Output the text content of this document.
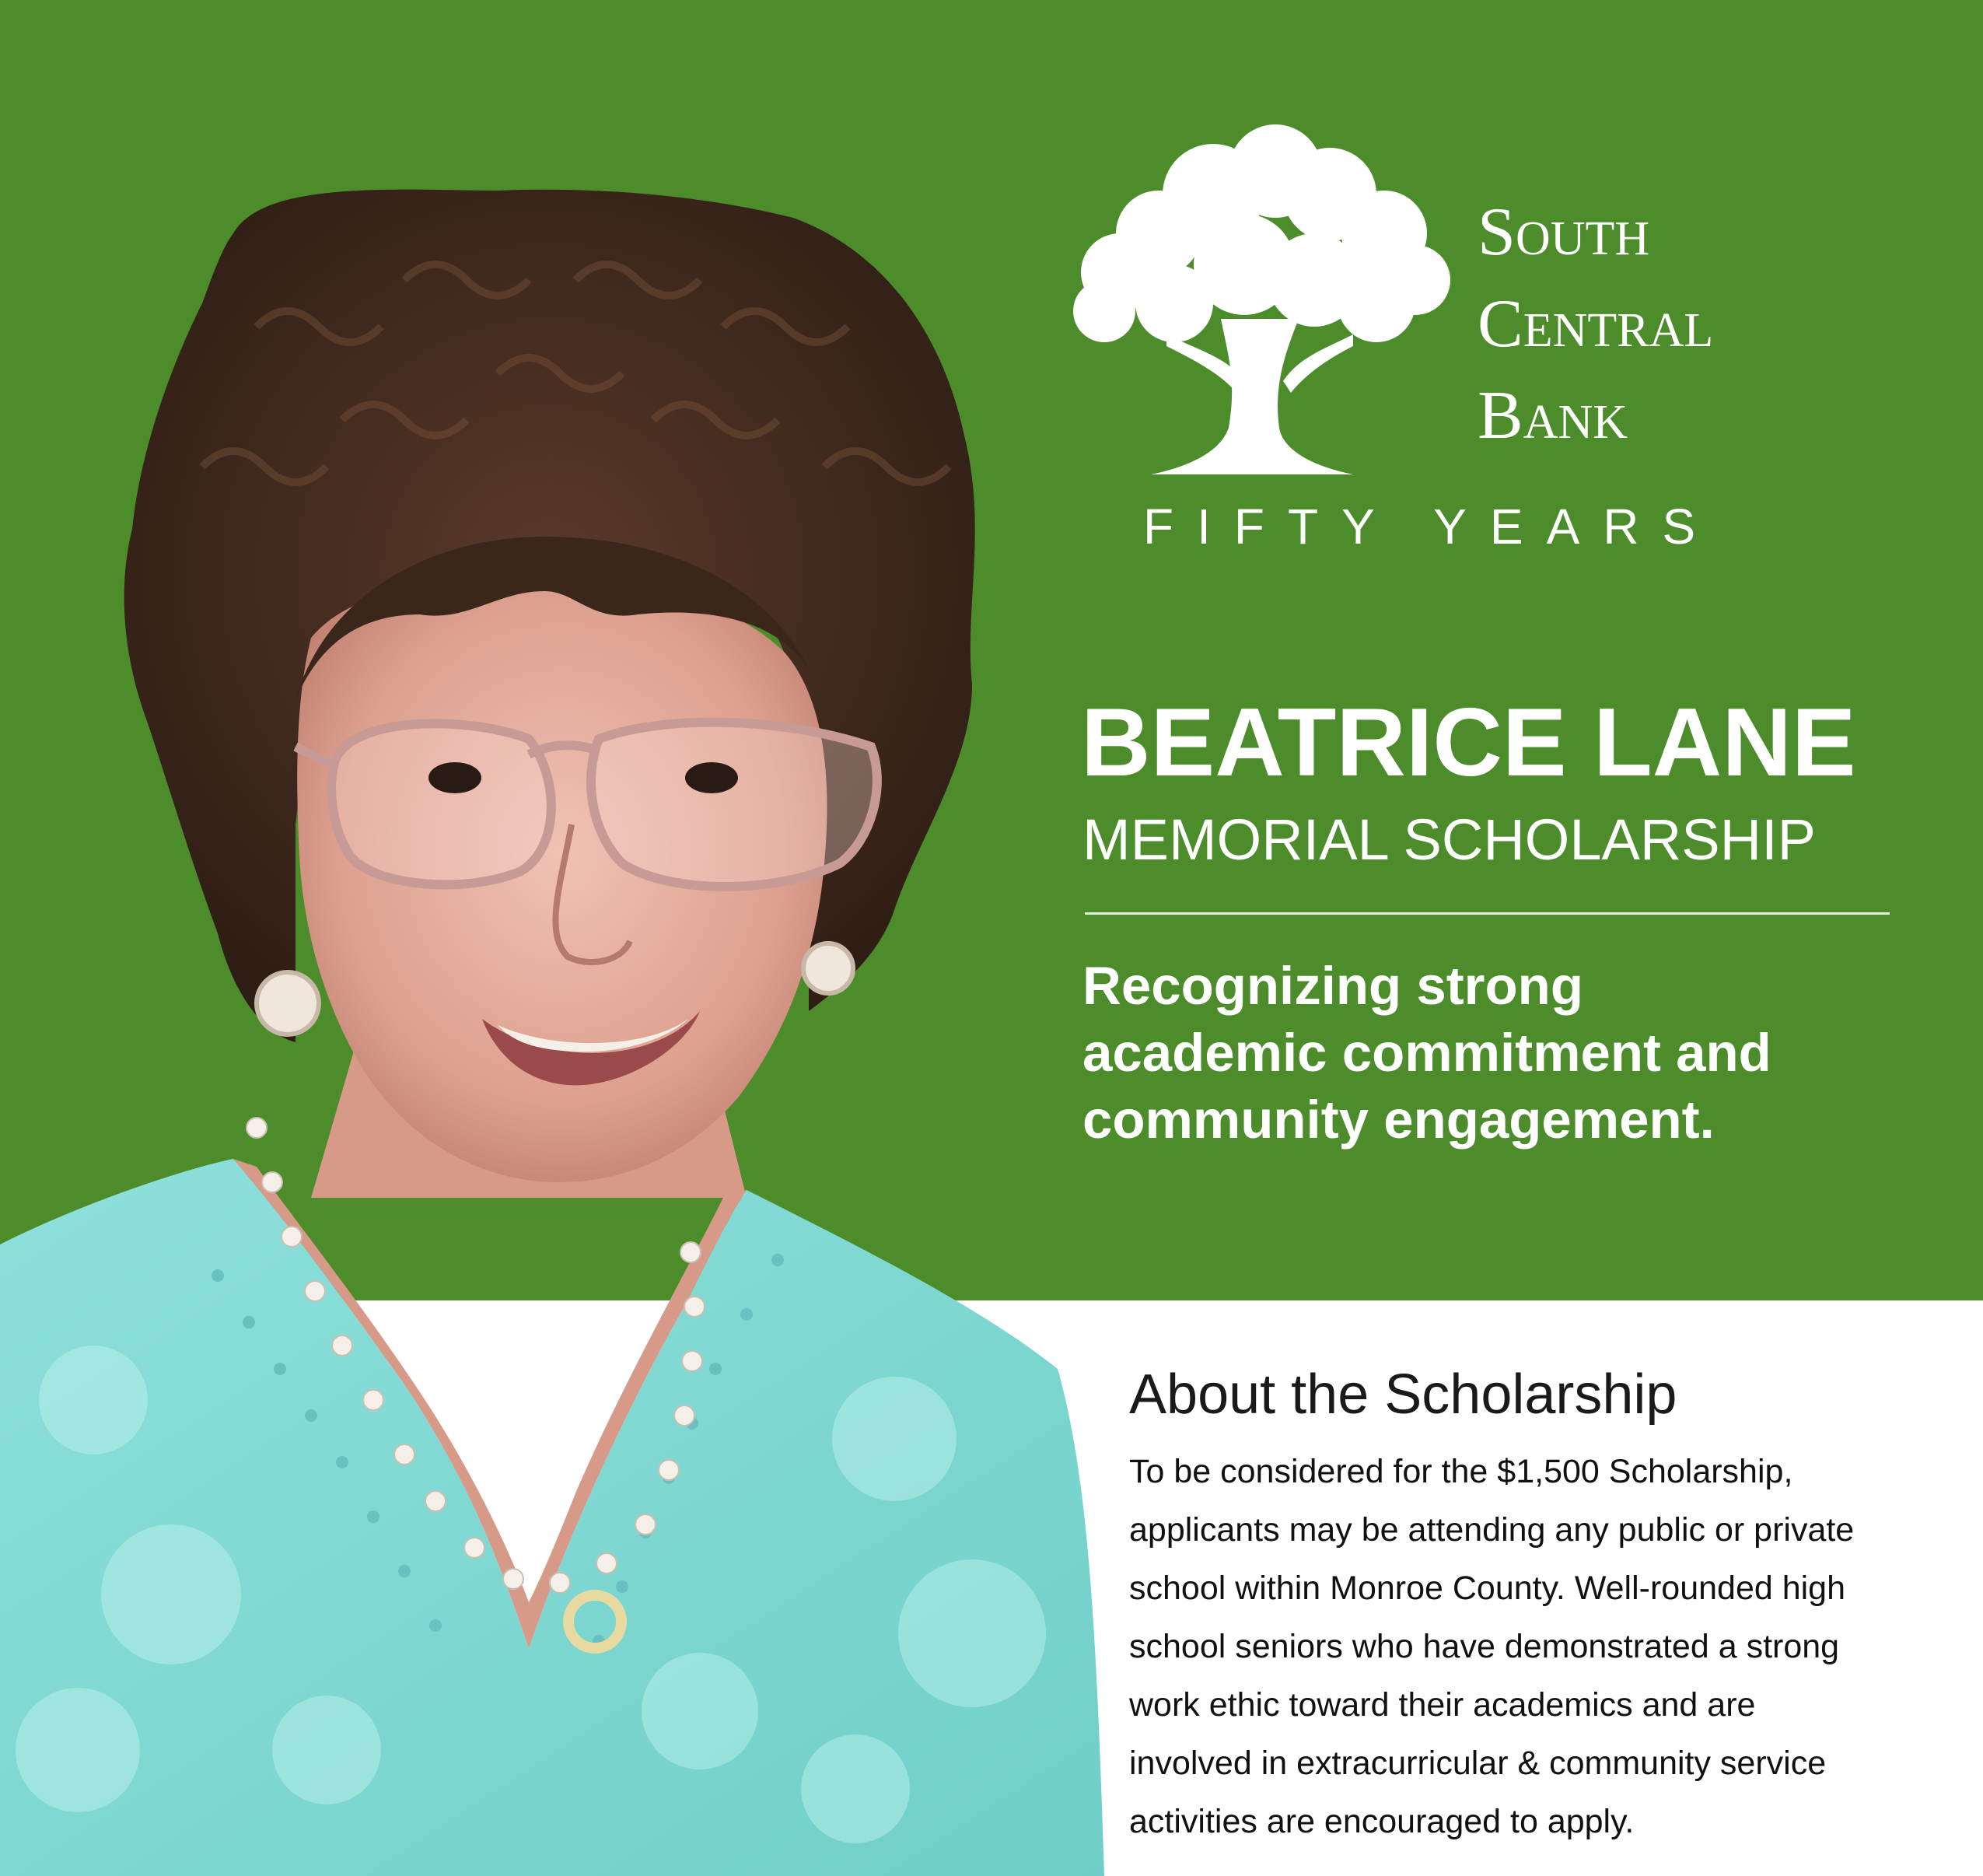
South
Central
Bank
FIFTY YEARS
BEATRICE LANE
MEMORIAL SCHOLARSHIP
Recognizing strong
academic commitment and
community engagement.
About the Scholarship
To be considered for the $1,500 Scholarship,
applicants may be attending any public or private
school within Monroe County. Well-rounded high
school seniors who have demonstrated a strong
work ethic toward their academics and are
involved in extracurricular & community service
activities are encouraged to apply.
